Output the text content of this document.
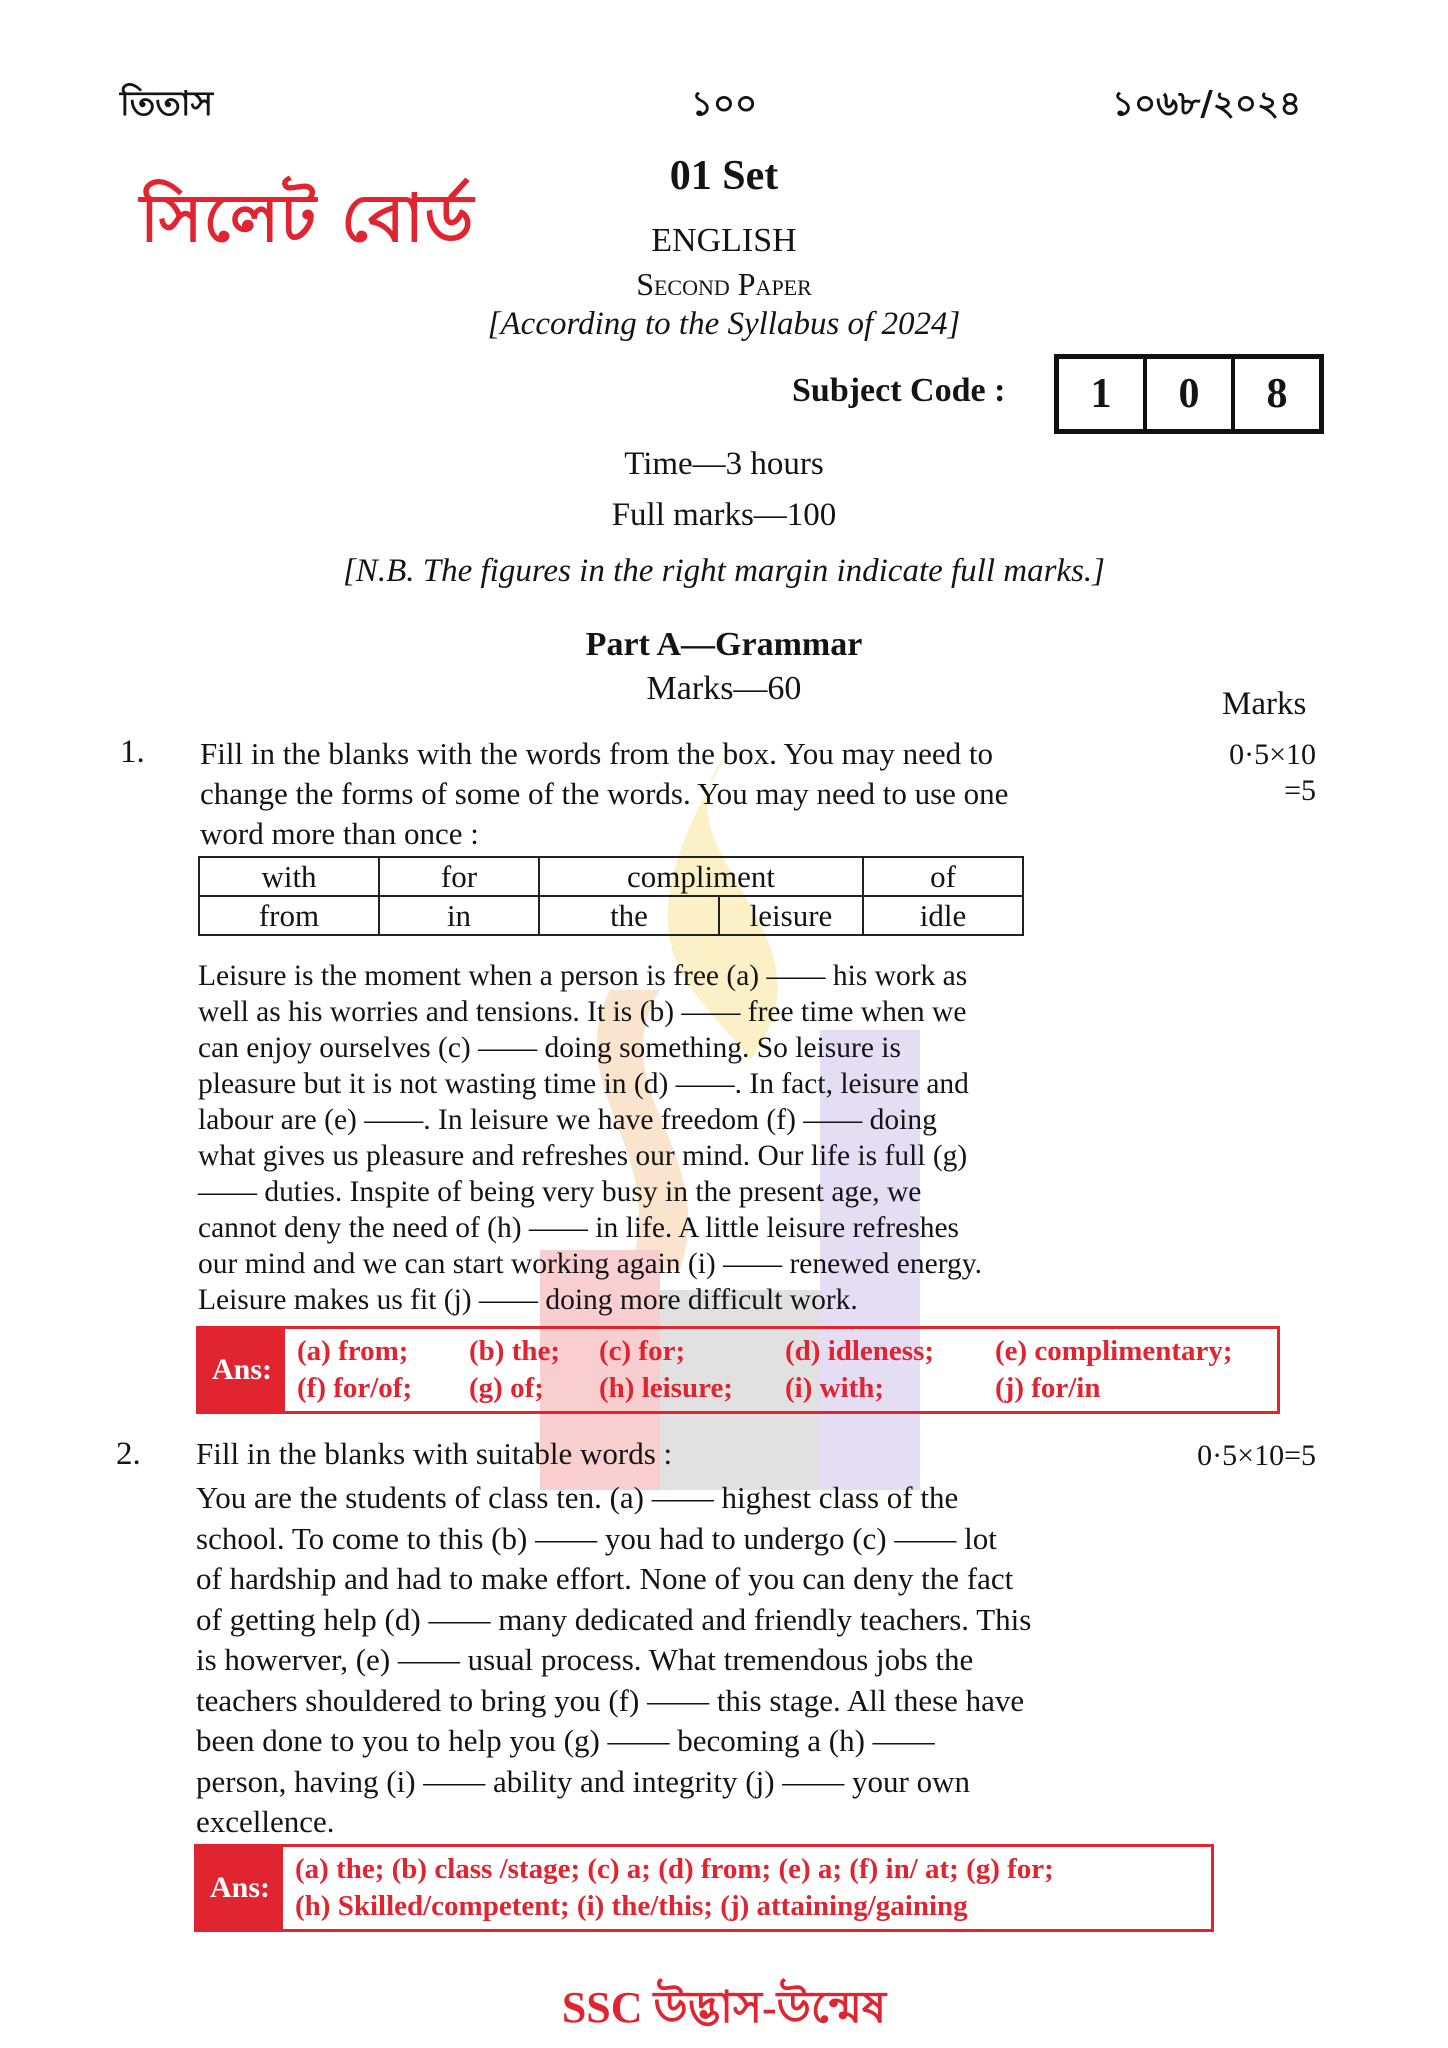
তিতাস	১০০	১০৬৮/২০২৪
সিলেট বোর্ড
01 Set
ENGLISH
Second Paper
[According to the Syllabus of 2024]
Subject Code :	1	0	8
Time—3 hours
Full marks—100
[N.B. The figures in the right margin indicate full marks.]
Part A—Grammar
Marks—60	Marks
1. Fill in the blanks with the words from the box. You may need to
change the forms of some of the words. You may need to use one
word more than once :
0·5×10
=5
with	for	compliment		of
from	in	the	leisure	idle
Leisure is the moment when a person is free (a) —— his work as
well as his worries and tensions. It is (b) —— free time when we
can enjoy ourselves (c) —— doing something. So leisure is
pleasure but it is not wasting time in (d) ——. In fact, leisure and
labour are (e) ——. In leisure we have freedom (f) —— doing
what gives us pleasure and refreshes our mind. Our life is full (g)
—— duties. Inspite of being very busy in the present age, we
cannot deny the need of (h) —— in life. A little leisure refreshes
our mind and we can start working again (i) —— renewed energy.
Leisure makes us fit (j) —— doing more difficult work.
Ans:
(a) from;	(b) the;	(c) for;	(d) idleness;	(e) complimentary;
(f) for/of;	(g) of;	(h) leisure;	(i) with;	(j) for/in
2. Fill in the blanks with suitable words :	0·5×10=5
You are the students of class ten. (a) —— highest class of the
school. To come to this (b) —— you had to undergo (c) —— lot
of hardship and had to make effort. None of you can deny the fact
of getting help (d) —— many dedicated and friendly teachers. This
is howerver, (e) —— usual process. What tremendous jobs the
teachers shouldered to bring you (f) —— this stage. All these have
been done to you to help you (g) —— becoming a (h) ——
person, having (i) —— ability and integrity (j) —— your own
excellence.
Ans:
(a) the; (b) class /stage; (c) a; (d) from; (e) a; (f) in/ at; (g) for;
(h) Skilled/competent; (i) the/this; (j) attaining/gaining
SSC উদ্ভাস-উন্মেষ
